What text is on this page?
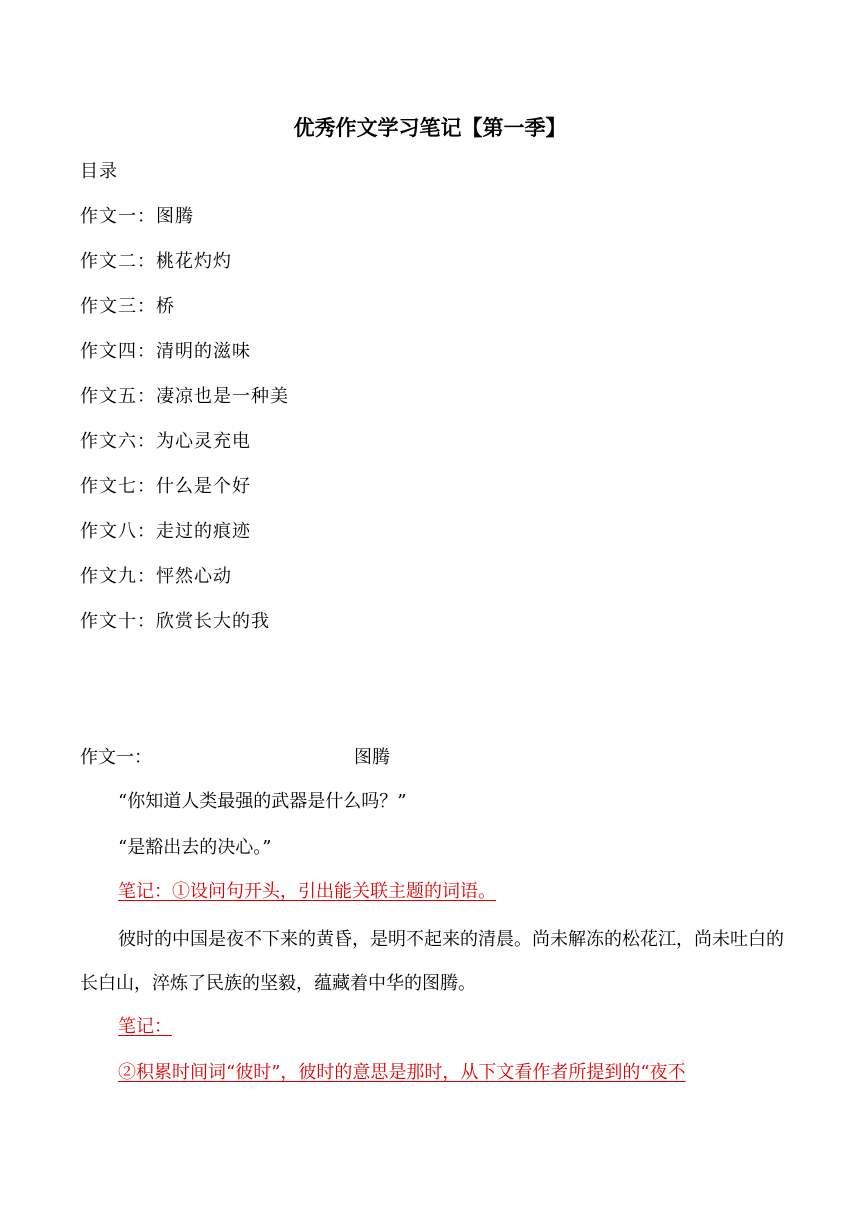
优秀作文学习笔记【第一季】
目录
作文一：图腾
作文二：桃花灼灼
作文三：桥
作文四：清明的滋味
作文五：凄凉也是一种美
作文六：为心灵充电
作文七：什么是个好
作文八：走过的痕迹
作文九：怦然心动
作文十：欣赏长大的我
作文一：	图腾
“你知道人类最强的武器是什么吗？”
“是豁出去的决心。”
笔记：①设问句开头，引出能关联主题的词语。
彼时的中国是夜不下来的黄昏，是明不起来的清晨。尚未解冻的松花江，尚未吐白的长白山，淬炼了民族的坚毅，蕴藏着中华的图腾。
笔记：
②积累时间词“彼时”，彼时的意思是那时，从下文看作者所提到的“夜不
